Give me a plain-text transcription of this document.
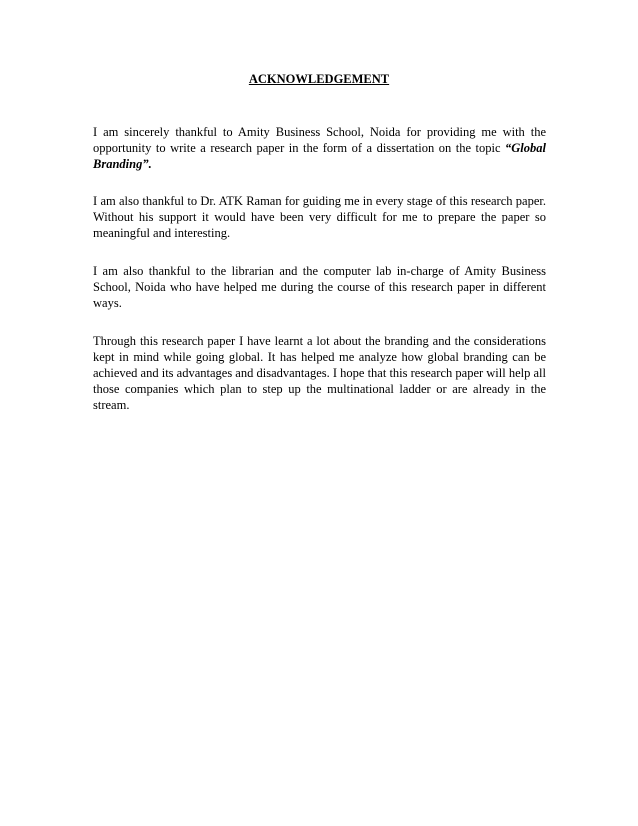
ACKNOWLEDGEMENT

I am sincerely thankful to Amity Business School, Noida for providing me with the opportunity to write a research paper in the form of a dissertation on the topic “Global Branding”.

I am also thankful to Dr. ATK Raman for guiding me in every stage of this research paper. Without his support it would have been very difficult for me to prepare the paper so meaningful and interesting.

I am also thankful to the librarian and the computer lab in-charge of Amity Business School, Noida who have helped me during the course of this research paper in different ways.

Through this research paper I have learnt a lot about the branding and the considerations kept in mind while going global. It has helped me analyze how global branding can be achieved and its advantages and disadvantages. I hope that this research paper will help all those companies which plan to step up the multinational ladder or are already in the stream.
